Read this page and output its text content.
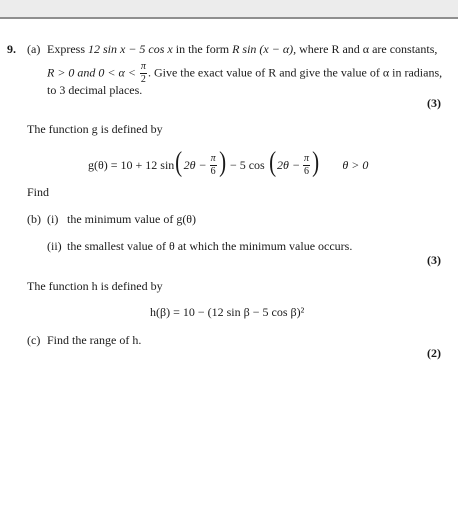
9. (a) Express 12 sin x − 5 cos x in the form R sin (x − α), where R and α are constants,
R > 0 and $0 < \alpha < \frac{\pi}{2}$ . Give the exact value of R and give the value of α in radians,
to 3 decimal places.
(3)
The function g is defined by
g(θ) = 10 + 12 sin ( $2\theta - \frac{\pi}{6}$ ) − 5 cos ( $2\theta - \frac{\pi}{6}$ ) θ > 0
Find
(b) (i) the minimum value of g(θ)
(ii) the smallest value of θ at which the minimum value occurs.
(3)
The function h is defined by
h(β) = 10 − (12 sin β − 5 cos β)²
(c) Find the range of h.
(2)
